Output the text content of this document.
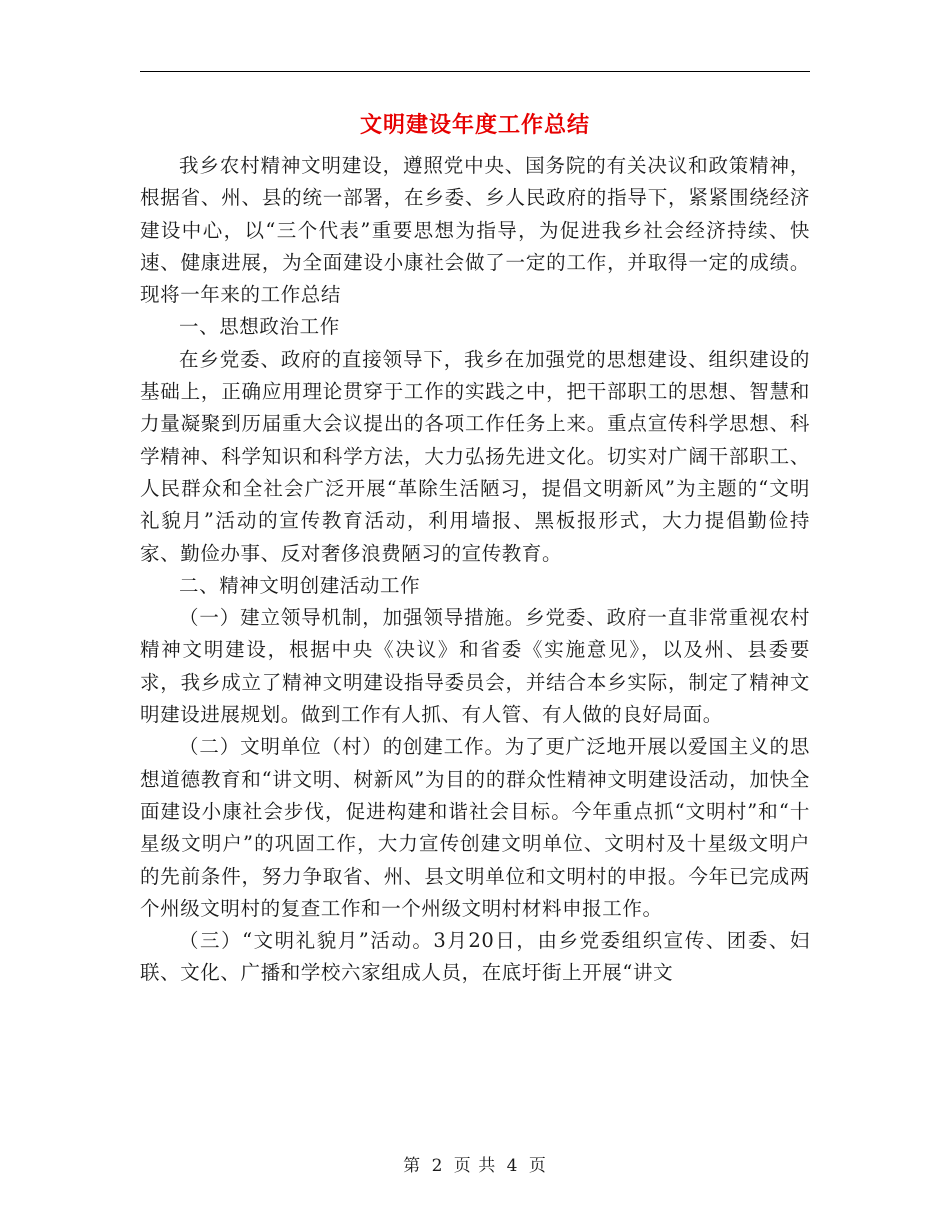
文明建设年度工作总结

我乡农村精神文明建设，遵照党中央、国务院的有关决议和政策精神，根据省、州、县的统一部署，在乡委、乡人民政府的指导下，紧紧围绕经济建设中心，以“三个代表”重要思想为指导，为促进我乡社会经济持续、快速、健康进展，为全面建设小康社会做了一定的工作，并取得一定的成绩。现将一年来的工作总结

一、思想政治工作

在乡党委、政府的直接领导下，我乡在加强党的思想建设、组织建设的基础上，正确应用理论贯穿于工作的实践之中，把干部职工的思想、智慧和力量凝聚到历届重大会议提出的各项工作任务上来。重点宣传科学思想、科学精神、科学知识和科学方法，大力弘扬先进文化。切实对广阔干部职工、人民群众和全社会广泛开展“革除生活陋习，提倡文明新风”为主题的“文明礼貌月”活动的宣传教育活动，利用墙报、黑板报形式，大力提倡勤俭持家、勤俭办事、反对奢侈浪费陋习的宣传教育。

二、精神文明创建活动工作

（一）建立领导机制，加强领导措施。乡党委、政府一直非常重视农村精神文明建设，根据中央《决议》和省委《实施意见》，以及州、县委要求，我乡成立了精神文明建设指导委员会，并结合本乡实际，制定了精神文明建设进展规划。做到工作有人抓、有人管、有人做的良好局面。

（二）文明单位（村）的创建工作。为了更广泛地开展以爱国主义的思想道德教育和“讲文明、树新风”为目的的群众性精神文明建设活动，加快全面建设小康社会步伐，促进构建和谐社会目标。今年重点抓“文明村”和“十星级文明户”的巩固工作，大力宣传创建文明单位、文明村及十星级文明户的先前条件，努力争取省、州、县文明单位和文明村的申报。今年已完成两个州级文明村的复查工作和一个州级文明村材料申报工作。

（三）“文明礼貌月”活动。3月20日，由乡党委组织宣传、团委、妇联、文化、广播和学校六家组成人员，在底圩街上开展“讲文

第 2 页 共 4 页
